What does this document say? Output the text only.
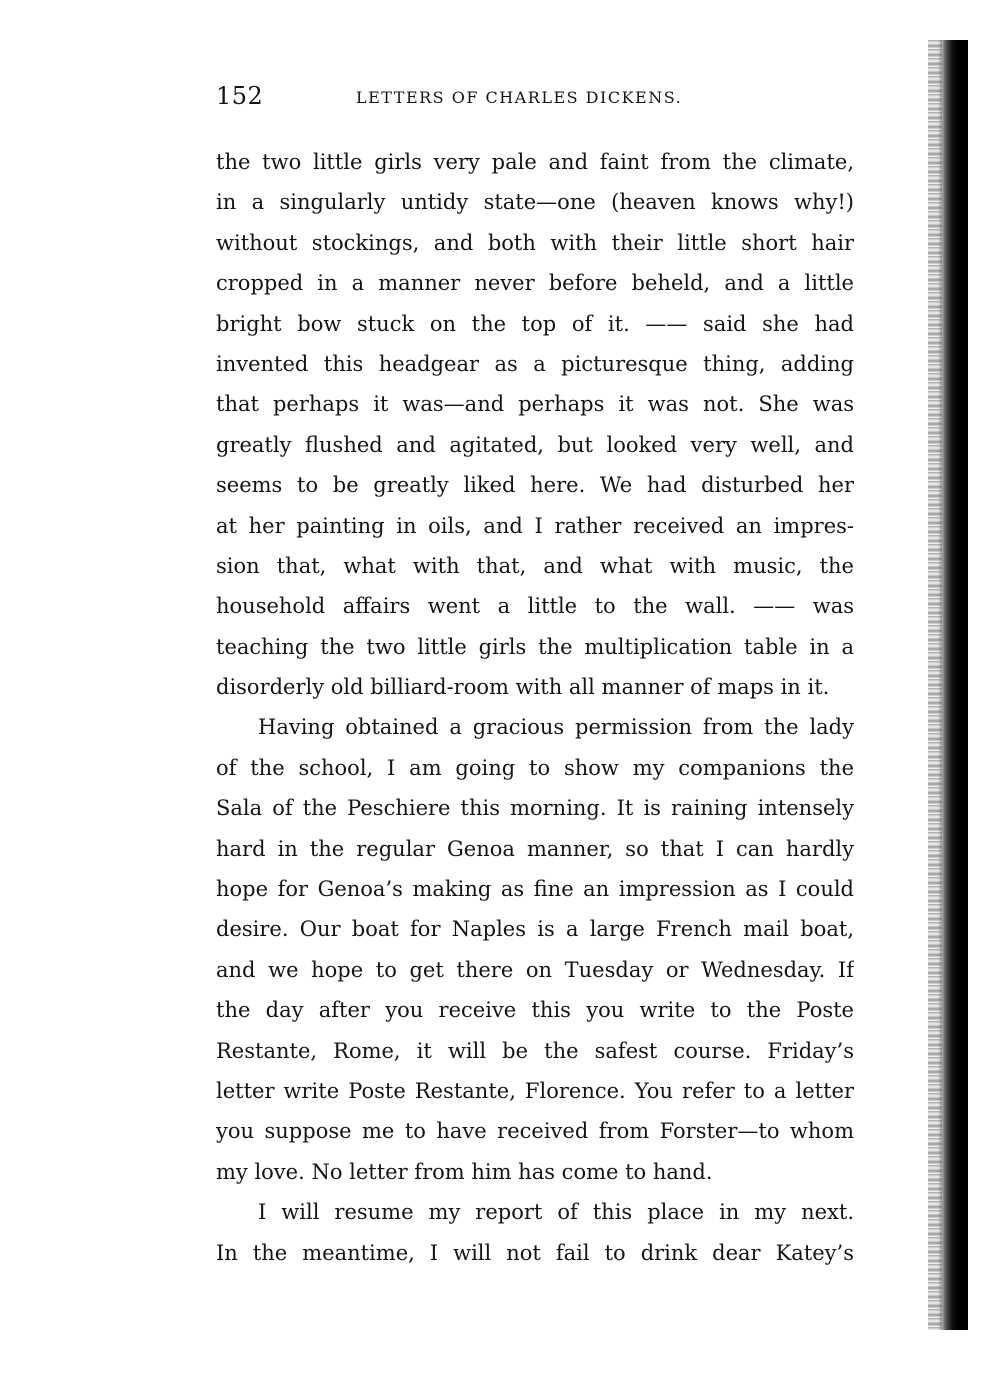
152	LETTERS OF CHARLES DICKENS.
the two little girls very pale and faint from the climate,
in a singularly untidy state—one (heaven knows why!)
without stockings, and both with their little short hair
cropped in a manner never before beheld, and a little
bright bow stuck on the top of it. —— said she had
invented this headgear as a picturesque thing, adding
that perhaps it was—and perhaps it was not. She was
greatly flushed and agitated, but looked very well, and
seems to be greatly liked here. We had disturbed her
at her painting in oils, and I rather received an impres-
sion that, what with that, and what with music, the
household affairs went a little to the wall. —— was
teaching the two little girls the multiplication table in a
disorderly old billiard-room with all manner of maps in it.
Having obtained a gracious permission from the lady
of the school, I am going to show my companions the
Sala of the Peschiere this morning. It is raining intensely
hard in the regular Genoa manner, so that I can hardly
hope for Genoa’s making as fine an impression as I could
desire. Our boat for Naples is a large French mail boat,
and we hope to get there on Tuesday or Wednesday. If
the day after you receive this you write to the Poste
Restante, Rome, it will be the safest course. Friday’s
letter write Poste Restante, Florence. You refer to a letter
you suppose me to have received from Forster—to whom
my love. No letter from him has come to hand.
I will resume my report of this place in my next.
In the meantime, I will not fail to drink dear Katey’s
